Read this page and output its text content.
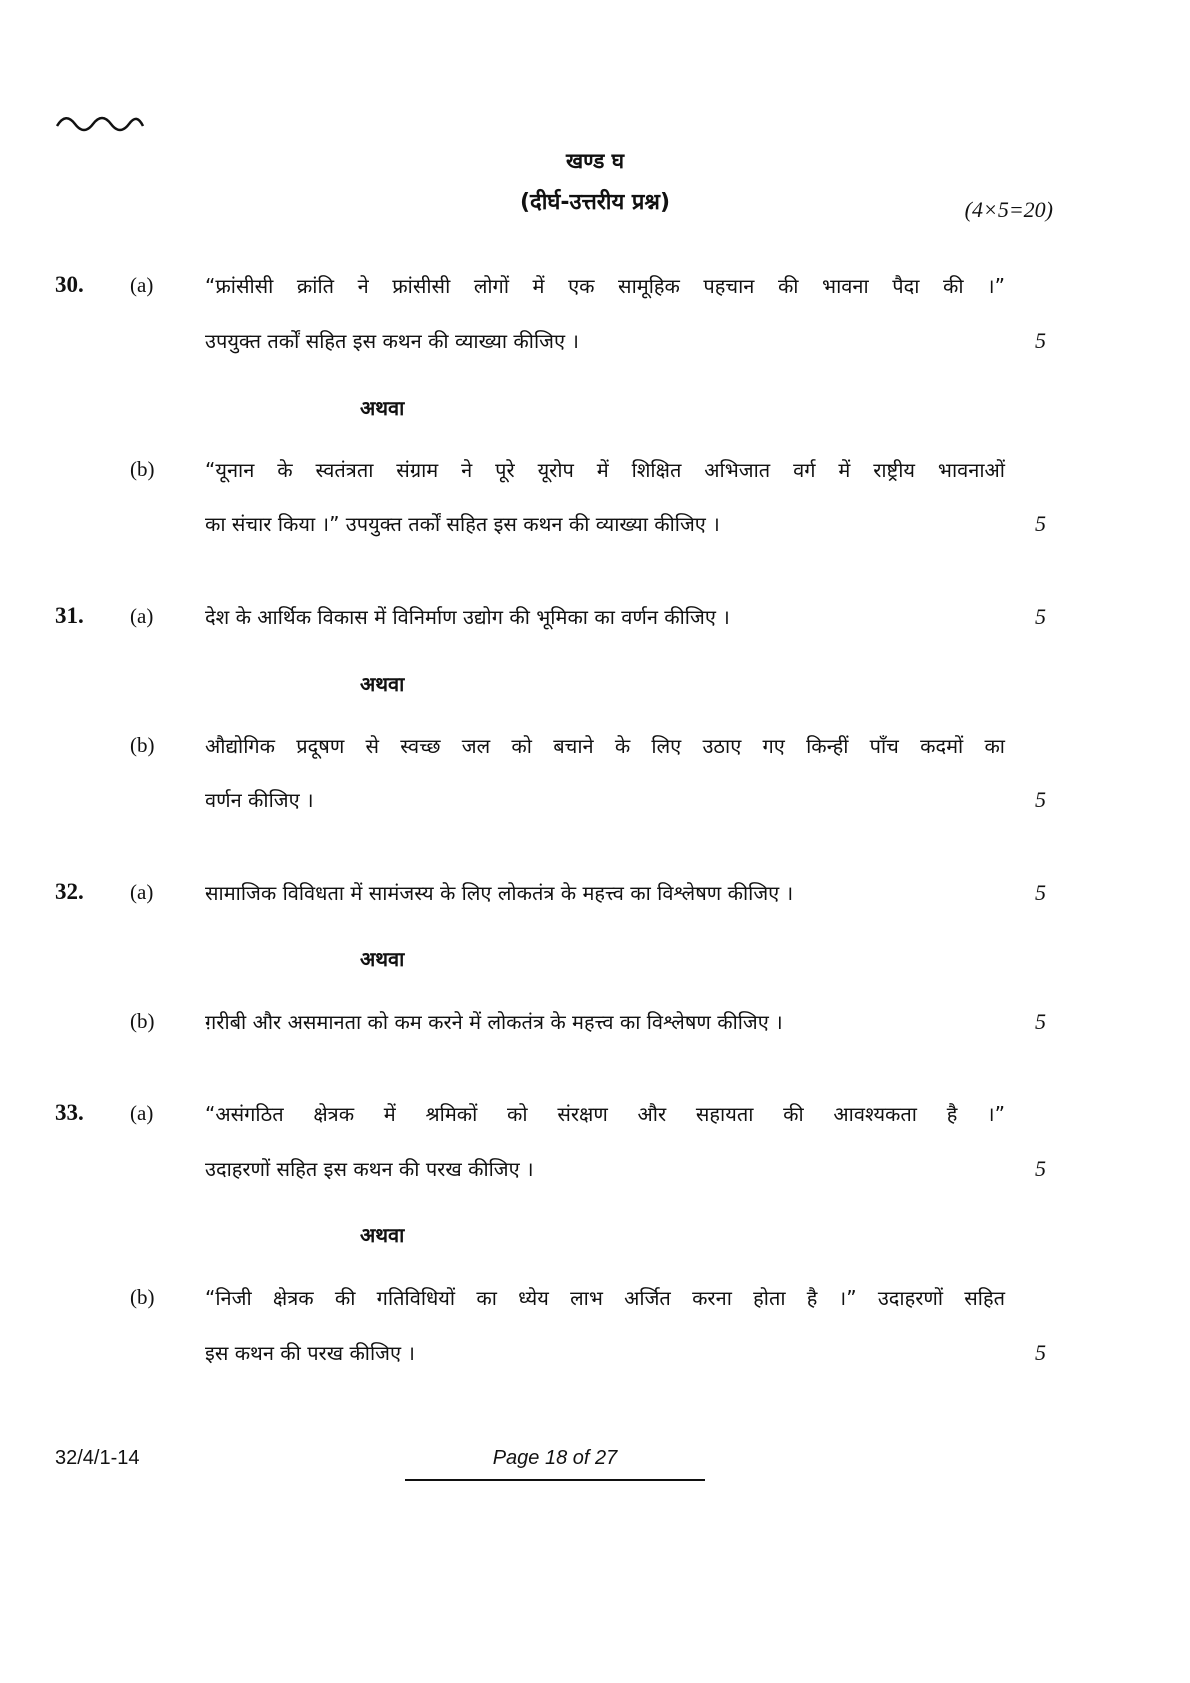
खण्ड घ
(दीर्घ-उत्तरीय प्रश्न)	(4×5=20)
30. (a)	“फ्रांसीसी क्रांति ने फ्रांसीसी लोगों में एक सामूहिक पहचान की भावना पैदा की ।”
उपयुक्त तर्कों सहित इस कथन की व्याख्या कीजिए ।	5
अथवा
(b)	“यूनान के स्वतंत्रता संग्राम ने पूरे यूरोप में शिक्षित अभिजात वर्ग में राष्ट्रीय भावनाओं
का संचार किया ।” उपयुक्त तर्कों सहित इस कथन की व्याख्या कीजिए ।	5
31. (a)	देश के आर्थिक विकास में विनिर्माण उद्योग की भूमिका का वर्णन कीजिए ।	5
अथवा
(b)	औद्योगिक प्रदूषण से स्वच्छ जल को बचाने के लिए उठाए गए किन्हीं पाँच कदमों का
वर्णन कीजिए ।	5
32. (a)	सामाजिक विविधता में सामंजस्य के लिए लोकतंत्र के महत्त्व का विश्लेषण कीजिए ।	5
अथवा
(b)	ग़रीबी और असमानता को कम करने में लोकतंत्र के महत्त्व का विश्लेषण कीजिए ।	5
33. (a)	“असंगठित क्षेत्रक में श्रमिकों को संरक्षण और सहायता की आवश्यकता है ।”
उदाहरणों सहित इस कथन की परख कीजिए ।	5
अथवा
(b)	“निजी क्षेत्रक की गतिविधियों का ध्येय लाभ अर्जित करना होता है ।” उदाहरणों सहित
इस कथन की परख कीजिए ।	5
32/4/1-14	Page 18 of 27
